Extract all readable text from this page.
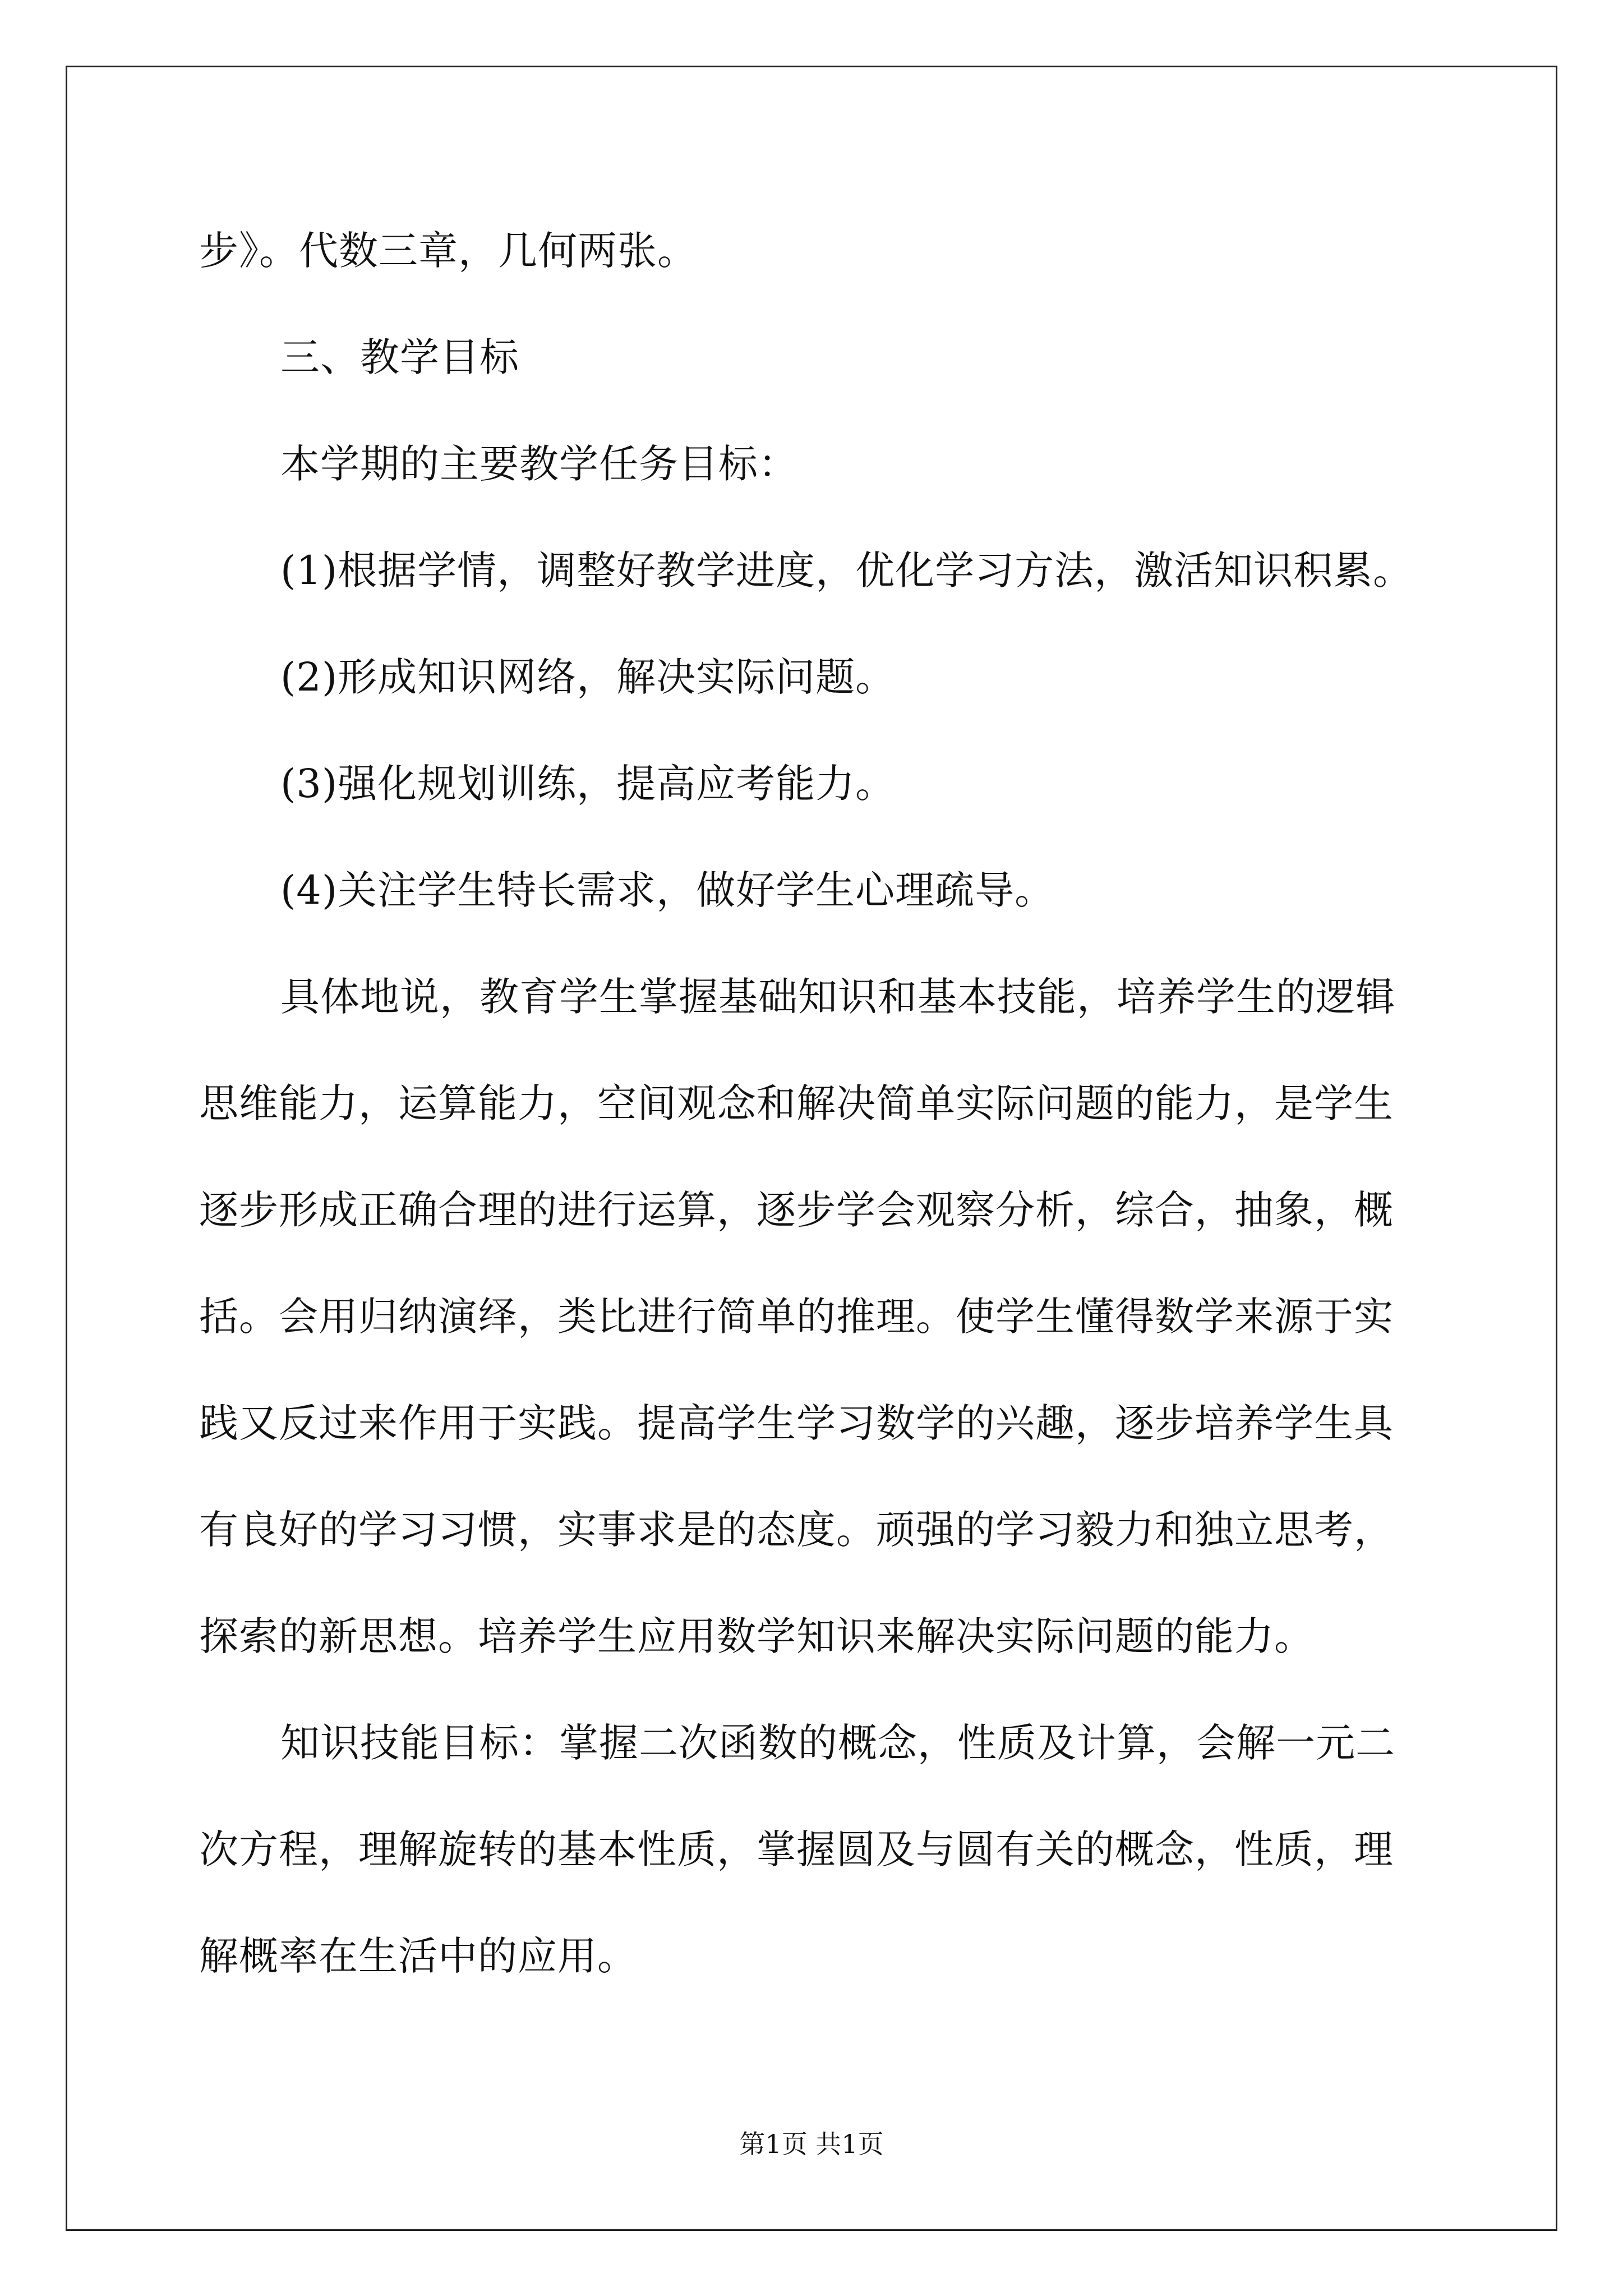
步》。代数三章，几何两张。
三、教学目标
本学期的主要教学任务目标：
(1)根据学情，调整好教学进度，优化学习方法，激活知识积累。
(2)形成知识网络，解决实际问题。
(3)强化规划训练，提高应考能力。
(4)关注学生特长需求，做好学生心理疏导。
具体地说，教育学生掌握基础知识和基本技能，培养学生的逻辑
思维能力，运算能力，空间观念和解决简单实际问题的能力，是学生
逐步形成正确合理的进行运算，逐步学会观察分析，综合，抽象，概
括。会用归纳演绎，类比进行简单的推理。使学生懂得数学来源于实
践又反过来作用于实践。提高学生学习数学的兴趣，逐步培养学生具
有良好的学习习惯，实事求是的态度。顽强的学习毅力和独立思考，
探索的新思想。培养学生应用数学知识来解决实际问题的能力。
知识技能目标：掌握二次函数的概念，性质及计算，会解一元二
次方程，理解旋转的基本性质，掌握圆及与圆有关的概念，性质，理
解概率在生活中的应用。
第1页 共1页
